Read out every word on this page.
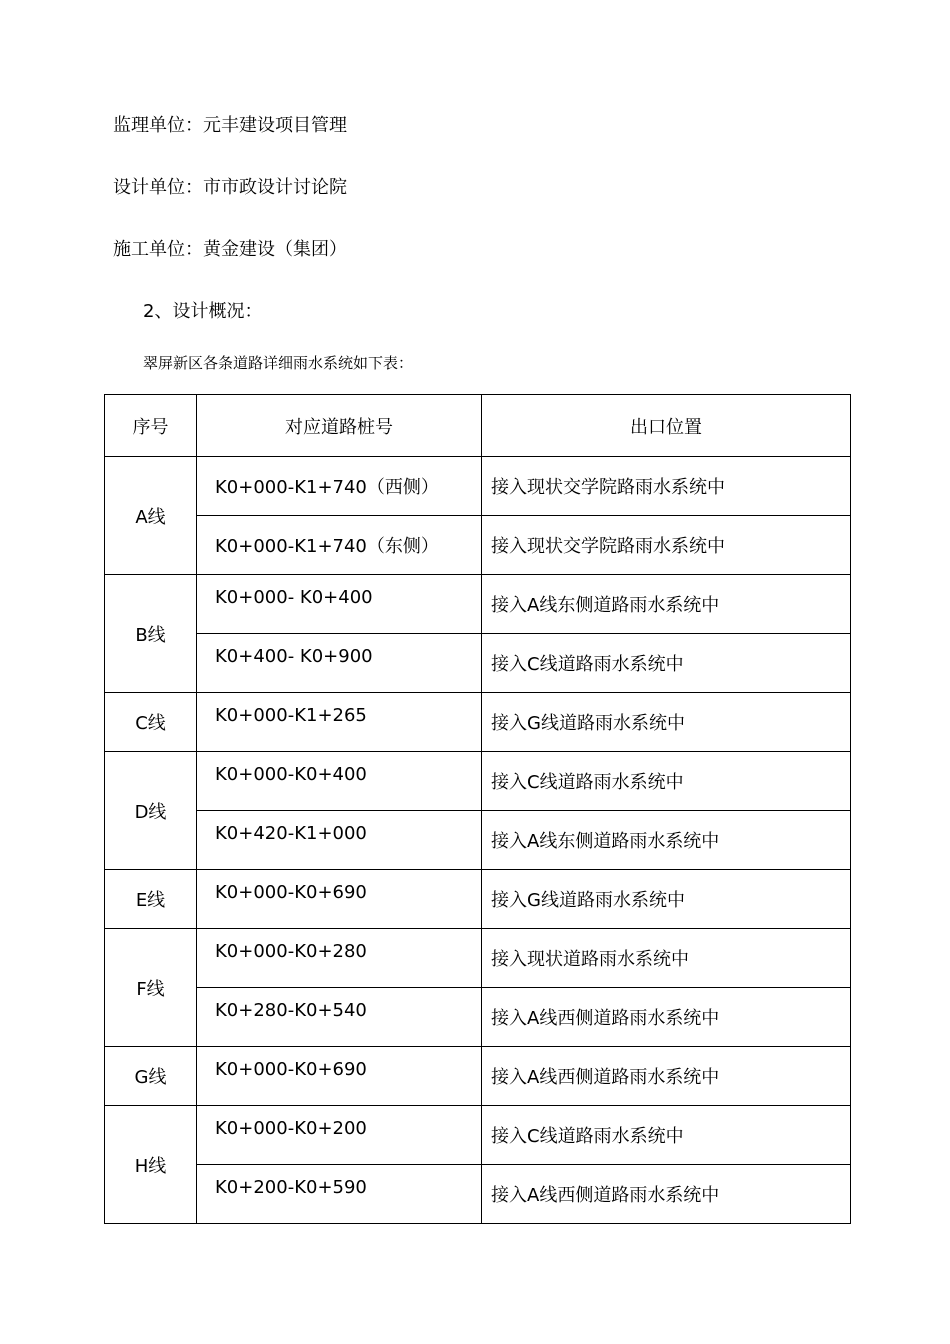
监理单位：元丰建设项目管理
设计单位：市市政设计讨论院
施工单位：黄金建设（集团）
2、设计概况：
翠屏新区各条道路详细雨水系统如下表：
序号	对应道路桩号	出口位置
A线	K0+000-K1+740（西侧）	接入现状交学院路雨水系统中
	K0+000-K1+740（东侧）	接入现状交学院路雨水系统中
B线	K0+000- K0+400	接入A线东侧道路雨水系统中
	K0+400- K0+900	接入C线道路雨水系统中
C线	K0+000-K1+265	接入G线道路雨水系统中
D线	K0+000-K0+400	接入C线道路雨水系统中
	K0+420-K1+000	接入A线东侧道路雨水系统中
E线	K0+000-K0+690	接入G线道路雨水系统中
F线	K0+000-K0+280	接入现状道路雨水系统中
	K0+280-K0+540	接入A线西侧道路雨水系统中
G线	K0+000-K0+690	接入A线西侧道路雨水系统中
H线	K0+000-K0+200	接入C线道路雨水系统中
	K0+200-K0+590	接入A线西侧道路雨水系统中
